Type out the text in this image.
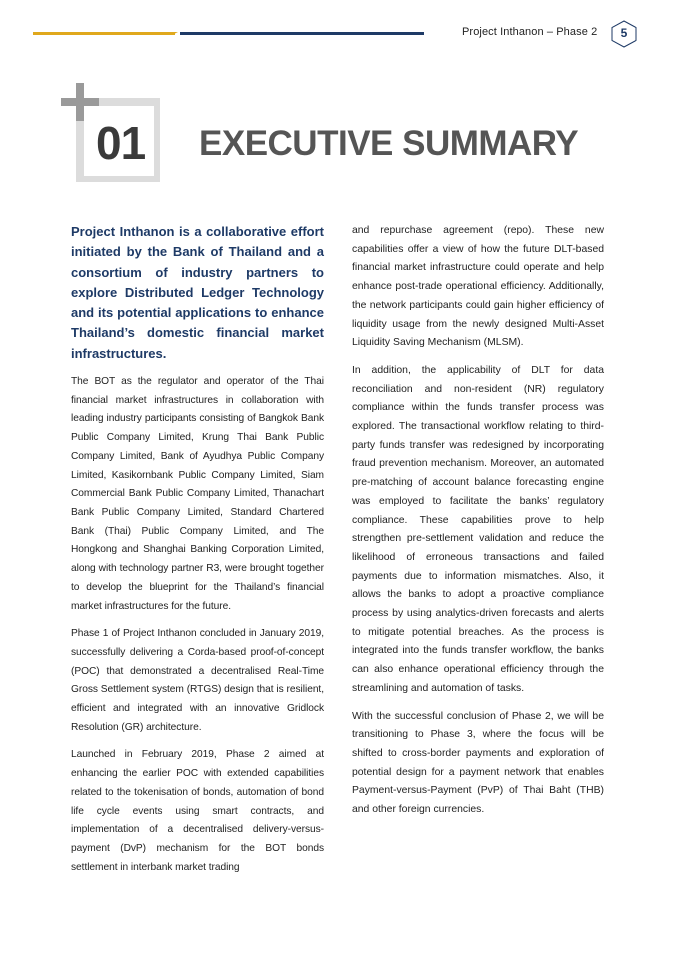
Project Inthanon – Phase 2	5
01 EXECUTIVE SUMMARY

Project Inthanon is a collaborative effort initiated by the Bank of Thailand and a consortium of industry partners to explore Distributed Ledger Technology and its potential applications to enhance Thailand’s domestic financial market infrastructures.

The BOT as the regulator and operator of the Thai financial market infrastructures in collaboration with leading industry participants consisting of Bangkok Bank Public Company Limited, Krung Thai Bank Public Company Limited, Bank of Ayudhya Public Company Limited, Kasikornbank Public Company Limited, Siam Commercial Bank Public Company Limited, Thanachart Bank Public Company Limited, Standard Chartered Bank (Thai) Public Company Limited, and The Hongkong and Shanghai Banking Corporation Limited, along with technology partner R3, were brought together to develop the blueprint for the Thailand’s financial market infrastructures for the future.

Phase 1 of Project Inthanon concluded in January 2019, successfully delivering a Corda-based proof-of-concept (POC) that demonstrated a decentralised Real-Time Gross Settlement system (RTGS) design that is resilient, efficient and integrated with an innovative Gridlock Resolution (GR) architecture.

Launched in February 2019, Phase 2 aimed at enhancing the earlier POC with extended capabilities related to the tokenisation of bonds, automation of bond life cycle events using smart contracts, and implementation of a decentralised delivery-versus-payment (DvP) mechanism for the BOT bonds settlement in interbank market trading

and repurchase agreement (repo). These new capabilities offer a view of how the future DLT-based financial market infrastructure could operate and help enhance post-trade operational efficiency. Additionally, the network participants could gain higher efficiency of liquidity usage from the newly designed Multi-Asset Liquidity Saving Mechanism (MLSM).

In addition, the applicability of DLT for data reconciliation and non-resident (NR) regulatory compliance within the funds transfer process was explored. The transactional workflow relating to third-party funds transfer was redesigned by incorporating fraud prevention mechanism. Moreover, an automated pre-matching of account balance forecasting engine was employed to facilitate the banks’ regulatory compliance. These capabilities prove to help strengthen pre-settlement validation and reduce the likelihood of erroneous transactions and failed payments due to information mismatches. Also, it allows the banks to adopt a proactive compliance process by using analytics-driven forecasts and alerts to mitigate potential breaches. As the process is integrated into the funds transfer workflow, the banks can also enhance operational efficiency through the streamlining and automation of tasks.

With the successful conclusion of Phase 2, we will be transitioning to Phase 3, where the focus will be shifted to cross-border payments and exploration of potential design for a payment network that enables Payment-versus-Payment (PvP) of Thai Baht (THB) and other foreign currencies.
